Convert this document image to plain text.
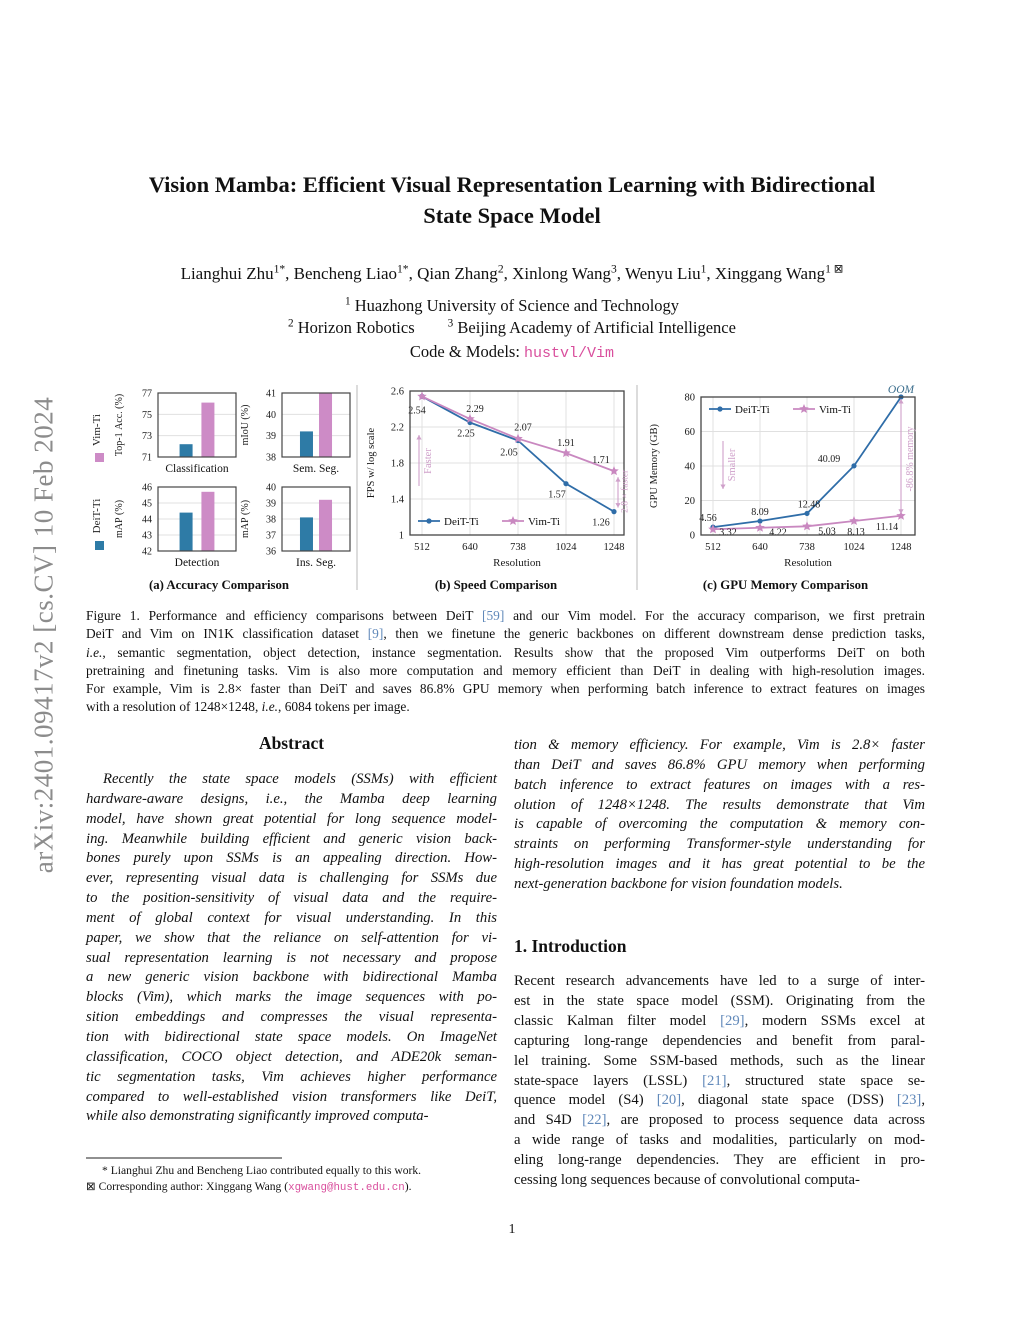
arXiv:2401.09417v2 [cs.CV] 10 Feb 2024
Vision Mamba: Efficient Visual Representation Learning with Bidirectional
State Space Model
Lianghui Zhu$^{1*}$, Bencheng Liao$^{1*}$, Qian Zhang$^2$, Xinlong Wang$^3$, Wenyu Liu$^1$, Xinggang Wang$^{1 ⊠}$
$^1$ Huazhong University of Science and Technology
$^2$ Horizon Robotics   $^3$ Beijing Academy of Artificial Intelligence
Code & Models: hustvl/Vim
(a) Accuracy Comparison	(b) Speed Comparison	(c) GPU Memory Comparison
Figure 1. Performance and efficiency comparisons between DeiT [59] and our Vim model. For the accuracy comparison, we first pretrain
DeiT and Vim on IN1K classification dataset [9], then we finetune the generic backbones on different downstream dense prediction tasks,
i.e., semantic segmentation, object detection, instance segmentation. Results show that the proposed Vim outperforms DeiT on both
pretraining and finetuning tasks. Vim is also more computation and memory efficient than DeiT in dealing with high-resolution images.
For example, Vim is 2.8× faster than DeiT and saves 86.8% GPU memory when performing batch inference to extract features on images
with a resolution of 1248×1248, i.e., 6084 tokens per image.
Abstract
Recently the state space models (SSMs) with efficient
hardware-aware designs, i.e., the Mamba deep learning
model, have shown great potential for long sequence model-
ing. Meanwhile building efficient and generic vision back-
bones purely upon SSMs is an appealing direction. How-
ever, representing visual data is challenging for SSMs due
to the position-sensitivity of visual data and the require-
ment of global context for visual understanding. In this
paper, we show that the reliance on self-attention for vi-
sual representation learning is not necessary and propose
a new generic vision backbone with bidirectional Mamba
blocks (Vim), which marks the image sequences with po-
sition embeddings and compresses the visual representa-
tion with bidirectional state space models. On ImageNet
classification, COCO object detection, and ADE20k seman-
tic segmentation tasks, Vim achieves higher performance
compared to well-established vision transformers like DeiT,
while also demonstrating significantly improved computa-
tion & memory efficiency. For example, Vim is 2.8× faster
than DeiT and saves 86.8% GPU memory when performing
batch inference to extract features on images with a res-
olution of 1248×1248. The results demonstrate that Vim
is capable of overcoming the computation & memory con-
straints on performing Transformer-style understanding for
high-resolution images and it has great potential to be the
next-generation backbone for vision foundation models.
1. Introduction
Recent research advancements have led to a surge of inter-
est in the state space model (SSM). Originating from the
classic Kalman filter model [29], modern SSMs excel at
capturing long-range dependencies and benefit from paral-
lel training. Some SSM-based methods, such as the linear
state-space layers (LSSL) [21], structured state space se-
quence model (S4) [20], diagonal state space (DSS) [23],
and S4D [22], are proposed to process sequence data across
a wide range of tasks and modalities, particularly on mod-
eling long-range dependencies. They are efficient in pro-
cessing long sequences because of convolutional computa-
* Lianghui Zhu and Bencheng Liao contributed equally to this work.
⊠ Corresponding author: Xinggang Wang (xgwang@hust.edu.cn).
1
